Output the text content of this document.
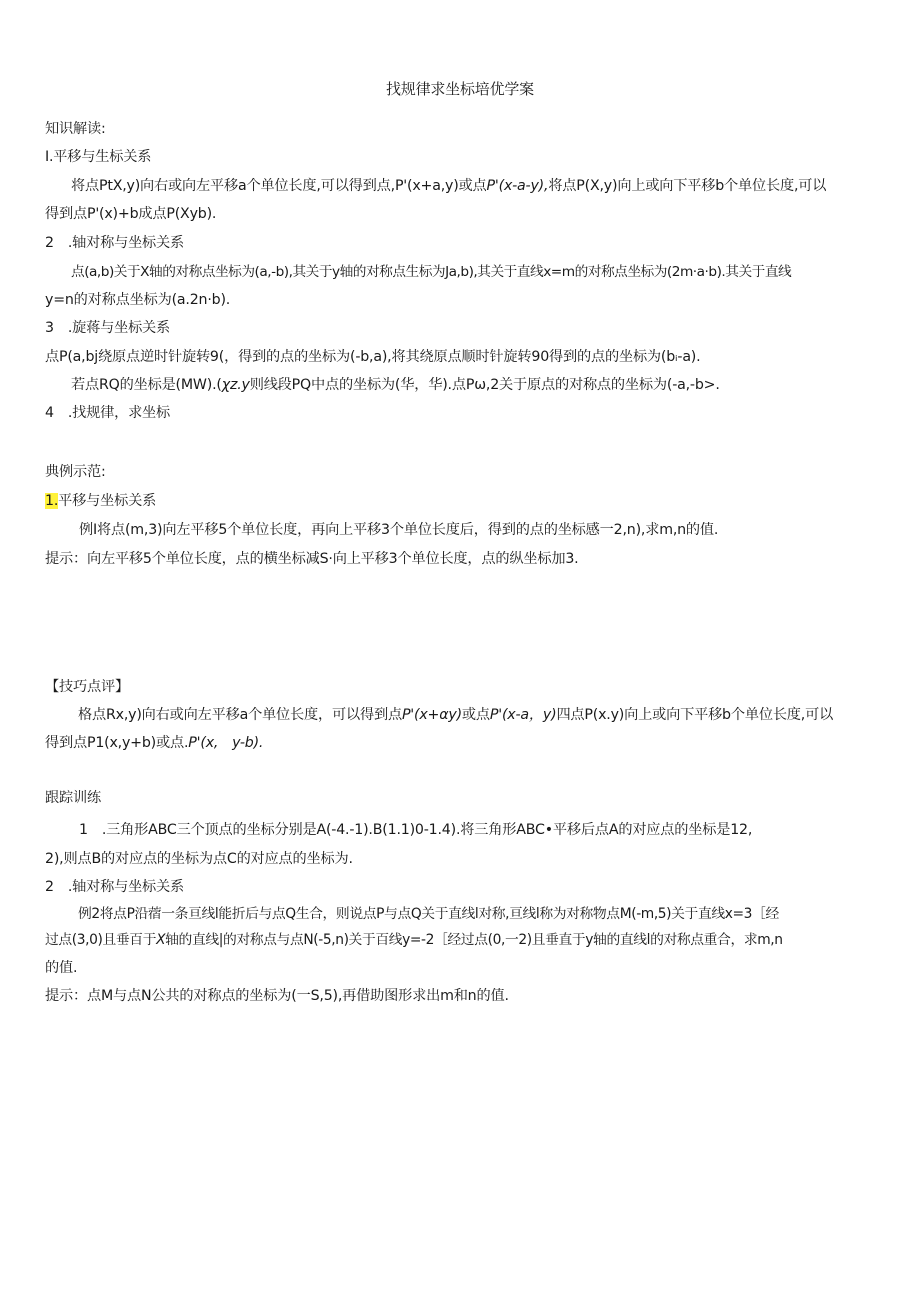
找规律求坐标培优学案
知识解读:
I.平移与生标关系
将点PtX,y)向右或向左平移a个单位长度,可以得到点,P'(x+a,y)或点P'(x-a-y),将点P(X,y)向上或向下平移b个单位长度,可以
得到点P'(x)+b成点P(Xyb).
2　.轴对称与坐标关系
点(a,b)关于X轴的对称点坐标为(a,-b),其关于y轴的对称点生标为Ja,b),其关于直线x=m的对称点坐标为(2m·a·b).其关于直线
y=n的对称点坐标为(a.2n·b).
3　.旋蒋与坐标关系
点P(a,bj绕原点逆时针旋转9(，得到的点的坐标为(-b,a),将其绕原点顺时针旋转90得到的点的坐标为(bᵢ-a).
若点RQ的坐标是(MW).(χz.y则线段PQ中点的坐标为(华，华).点Pω,2关于原点的对称点的坐标为(-a,-b>.
4　.找规律，求坐标
典例示范:
1.平移与坐标关系
例I将点(m,3)向左平移5个单位长度，再向上平移3个单位长度后，得到的点的坐标感一2,n),求m,n的值.
提示：向左平移5个单位长度，点的横坐标减S·向上平移3个单位长度，点的纵坐标加3.
【技巧点评】
格点Rx,y)向右或向左平移a个单位长度，可以得到点P'(x+αy)或点P'(x-a，y)四点P(x.y)向上或向下平移b个单位长度,可以
得到点P1(x,y+b)或点.P'(x,　y-b).
跟踪训练
1　.三角形ABC三个顶点的坐标分别是A(-4.-1).B(1.1)0-1.4).将三角形ABC•平移后点A的对应点的坐标是12,
2),则点B的对应点的坐标为点C的对应点的坐标为.
2　.轴对称与坐标关系
例2将点P沿蓿一条亘线l能折后与点Q生合，则说点P与点Q关于直线l对称,亘线l称为对称物点M(-m,5)关于直线x=3［经
过点(3,0)且垂百于X轴的直线|的对称点与点N(-5,n)关于百线y=-2［经过点(0,一2)且垂直于y轴的直线l的对称点重合，求m,n
的值.
提示：点M与点N公共的对称点的坐标为(一S,5),再借助图形求出m和n的值.
